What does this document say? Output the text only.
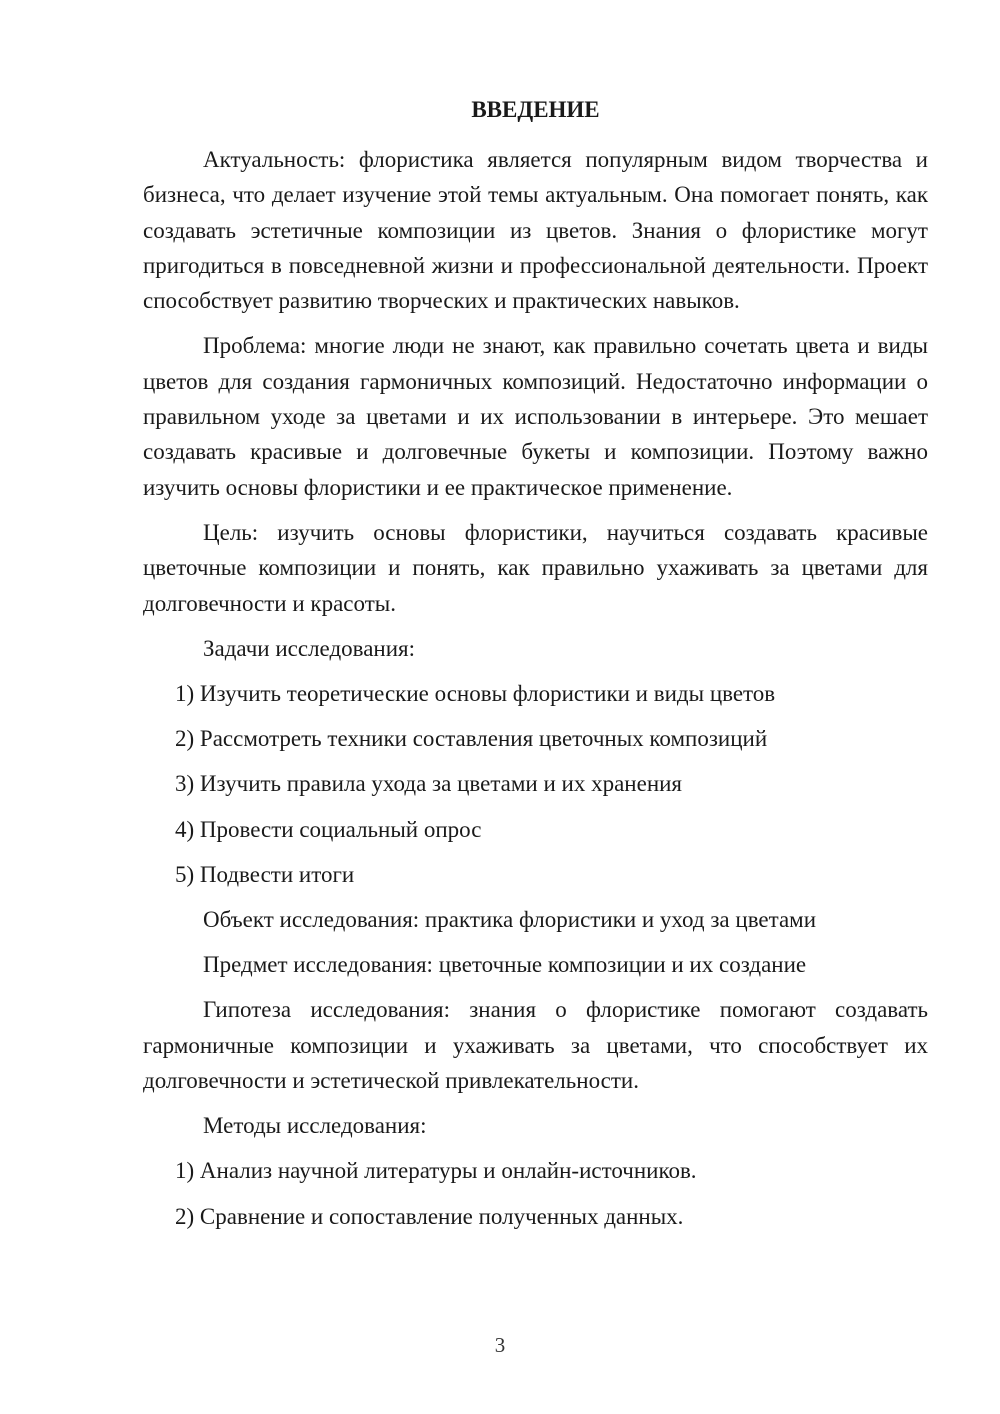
ВВЕДЕНИЕ

Актуальность: флористика является популярным видом творчества и бизнеса, что делает изучение этой темы актуальным. Она помогает понять, как создавать эстетичные композиции из цветов. Знания о флористике могут пригодиться в повседневной жизни и профессиональной деятельности. Проект способствует развитию творческих и практических навыков.

Проблема: многие люди не знают, как правильно сочетать цвета и виды цветов для создания гармоничных композиций. Недостаточно информации о правильном уходе за цветами и их использовании в интерьере. Это мешает создавать красивые и долговечные букеты и композиции. Поэтому важно изучить основы флористики и ее практическое применение.

Цель: изучить основы флористики, научиться создавать красивые цветочные композиции и понять, как правильно ухаживать за цветами для долговечности и красоты.

Задачи исследования:
1) Изучить теоретические основы флористики и виды цветов
2) Рассмотреть техники составления цветочных композиций
3) Изучить правила ухода за цветами и их хранения
4) Провести социальный опрос
5) Подвести итоги
Объект исследования: практика флористики и уход за цветами
Предмет исследования: цветочные композиции и их создание

Гипотеза исследования: знания о флористике помогают создавать гармоничные композиции и ухаживать за цветами, что способствует их долговечности и эстетической привлекательности.

Методы исследования:
1) Анализ научной литературы и онлайн-источников.
2) Сравнение и сопоставление полученных данных.
3
